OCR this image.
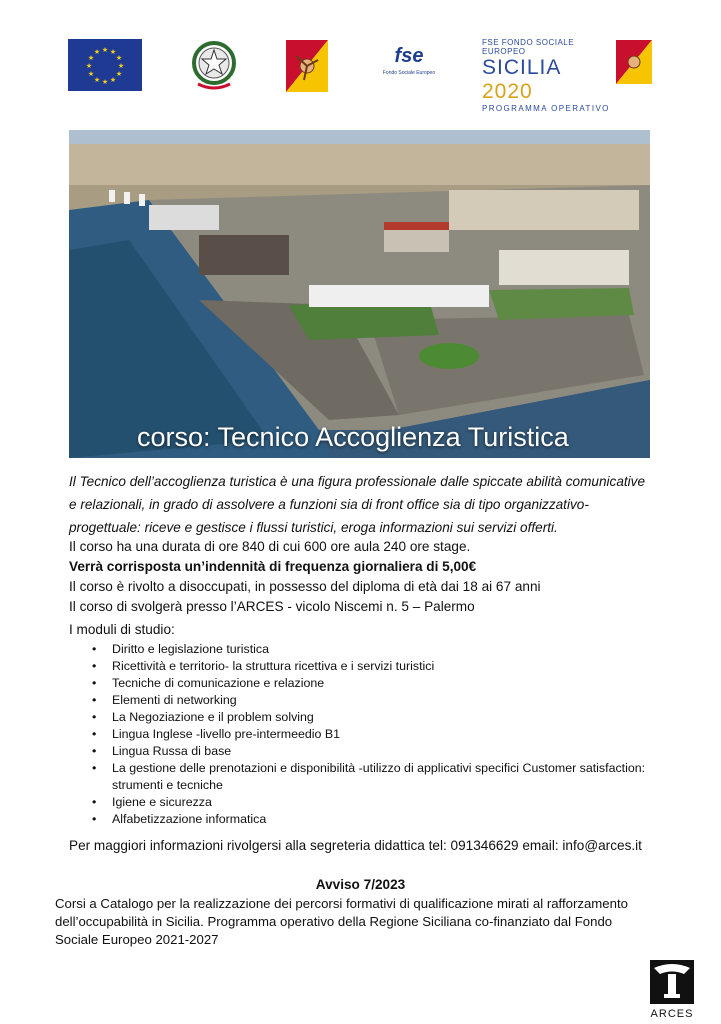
★ ★
★
★
★
★
★
★
★
★
★
★	fse
Fondo Sociale Europeo
FSE FONDO SOCIALE EUROPEO
SICILIA 2020
PROGRAMMA OPERATIVO
corso: Tecnico Accoglienza Turistica

Il Tecnico dell’accoglienza turistica è una figura professionale dalle spiccate abilità comunicative e relazionali, in grado di assolvere a funzioni sia di front office sia di tipo organizzativo-progettuale: riceve e gestisce i flussi turistici, eroga informazioni sui servizi offerti.

Il corso ha una durata di ore 840 di cui 600 ore aula 240 ore stage.
Verrà corrisposta un’indennità di frequenza giornaliera di 5,00€
Il corso è rivolto a disoccupati, in possesso del diploma di età dai 18 ai 67 anni
Il corso di svolgerà presso l’ARCES - vicolo Niscemi n. 5 – Palermo
I moduli di studio:
• Diritto e legislazione turistica
• Ricettività e territorio- la struttura ricettiva e i servizi turistici
• Tecniche di comunicazione e relazione
• Elementi di networking
• La Negoziazione e il problem solving
• Lingua Inglese -livello pre-intermeedio B1
• Lingua Russa di base
• La gestione delle prenotazioni e disponibilità -utilizzo di applicativi specifici Customer satisfaction: strumenti e tecniche
• Igiene e sicurezza
• Alfabetizzazione informatica
Per maggiori informazioni rivolgersi alla segreteria didattica tel: 091346629 email: info@arces.it
Avviso 7/2023

Corsi a Catalogo per la realizzazione dei percorsi formativi di qualificazione mirati al rafforzamento dell’occupabilità in Sicilia. Programma operativo della Regione Siciliana co-finanziato dal Fondo Sociale Europeo 2021-2027

ARCES
